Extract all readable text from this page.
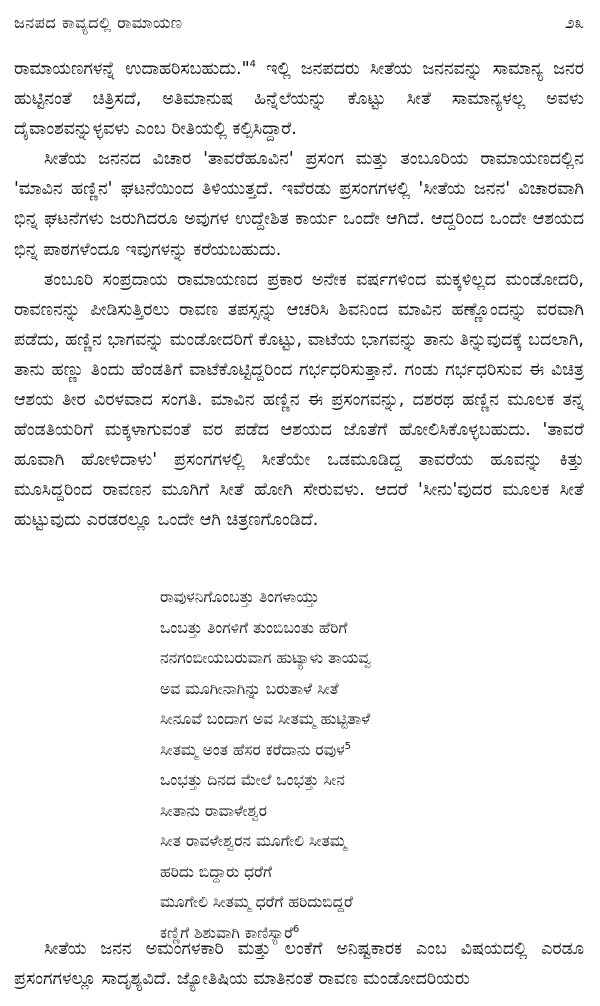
ಜನಪದ ಕಾವ್ಯದಲ್ಲಿ ರಾಮಾಯಣ	೨೩

ರಾಮಾಯಣಗಳನ್ನೆ ಉದಾಹರಿಸಬಹುದು."$^4$ ಇಲ್ಲಿ ಜನಪದರು ಸೀತೆಯ ಜನನವನ್ನು ಸಾಮಾನ್ಯ ಜನರ ಹುಟ್ಟಿನಂತೆ ಚಿತ್ರಿಸದೆ, ಅತಿಮಾನುಷ ಹಿನ್ನೆಲೆಯನ್ನು ಕೊಟ್ಟು ಸೀತೆ ಸಾಮಾನ್ಯಳಲ್ಲ ಅವಳು ದೈವಾಂಶವನ್ನುಳ್ಳವಳು ಎಂಬ ರೀತಿಯಲ್ಲಿ ಕಲ್ಪಿಸಿದ್ದಾರೆ.

ಸೀತೆಯ ಜನನದ ವಿಚಾರ 'ತಾವರೆಹೂವಿನ' ಪ್ರಸಂಗ ಮತ್ತು ತಂಬೂರಿಯ ರಾಮಾಯಣದಲ್ಲಿನ 'ಮಾವಿನ ಹಣ್ಣಿನ' ಘಟನೆಯಿಂದ ತಿಳಿಯುತ್ತದೆ. ಇವೆರಡು ಪ್ರಸಂಗಗಳಲ್ಲಿ 'ಸೀತೆಯ ಜನನ' ವಿಚಾರವಾಗಿ ಭಿನ್ನ ಘಟನೆಗಳು ಜರುಗಿದರೂ ಅವುಗಳ ಉದ್ದೇಶಿತ ಕಾರ್ಯ ಒಂದೇ ಆಗಿದೆ. ಆದ್ದರಿಂದ ಒಂದೇ ಆಶಯದ ಭಿನ್ನ ಪಾಠಗಳೆಂದೂ ಇವುಗಳನ್ನು ಕರೆಯಬಹುದು.

ತಂಬೂರಿ ಸಂಪ್ರದಾಯ ರಾಮಾಯಣದ ಪ್ರಕಾರ ಅನೇಕ ವರ್ಷಗಳಿಂದ ಮಕ್ಕಳಿಲ್ಲದ ಮಂಡೋದರಿ, ರಾವಣನನ್ನು ಪೀಡಿಸುತ್ತಿರಲು ರಾವಣ ತಪಸ್ಸನ್ನು ಆಚರಿಸಿ ಶಿವನಿಂದ ಮಾವಿನ ಹಣ್ಣೊಂದನ್ನು ವರವಾಗಿ ಪಡೆದು, ಹಣ್ಣಿನ ಭಾಗವನ್ನು ಮಂಡೋದರಿಗೆ ಕೊಟ್ಟು, ವಾಟೆಯ ಭಾಗವನ್ನು ತಾನು ತಿನ್ನುವುದಕ್ಕೆ ಬದಲಾಗಿ, ತಾನು ಹಣ್ಣು ತಿಂದು ಹೆಂಡತಿಗೆ ವಾಟೆಕೊಟ್ಟಿದ್ದರಿಂದ ಗರ್ಭಧರಿಸುತ್ತಾನೆ. ಗಂಡು ಗರ್ಭಧರಿಸುವ ಈ ವಿಚಿತ್ರ ಆಶಯ ತೀರ ವಿರಳವಾದ ಸಂಗತಿ. ಮಾವಿನ ಹಣ್ಣಿನ ಈ ಪ್ರಸಂಗವನ್ನು, ದಶರಥ ಹಣ್ಣಿನ ಮೂಲಕ ತನ್ನ ಹೆಂಡತಿಯರಿಗೆ ಮಕ್ಕಳಾಗುವಂತೆ ವರ ಪಡೆದ ಆಶಯದ ಜೊತೆಗೆ ಹೋಲಿಸಿಕೊಳ್ಳಬಹುದು. 'ತಾವರೆ ಹೂವಾಗಿ ಹೋಳಿದಾಳು' ಪ್ರಸಂಗಗಳಲ್ಲಿ ಸೀತೆಯೇ ಒಡಮೂಡಿದ್ದ ತಾವರೆಯ ಹೂವನ್ನು ಕಿತ್ತು ಮೂಸಿದ್ದರಿಂದ ರಾವಣನ ಮೂಗಿಗೆ ಸೀತೆ ಹೋಗಿ ಸೇರುವಳು. ಆದರೆ 'ಸೀನು'ವುದರ ಮೂಲಕ ಸೀತೆ ಹುಟ್ಟುವುದು ಎರಡರಲ್ಲೂ ಒಂದೇ ಆಗಿ ಚಿತ್ರಣಗೊಂಡಿದೆ.

ರಾವುಳನಿಗೊಂಬತ್ತು ತಿಂಗಳಾಯ್ತು
ಒಂಬತ್ತು ತಿಂಗಳಿಗೆ ತುಂಬಿಬಂತು ಹೆರಿಗೆ
ನನಗಂಬೀಯಬರುವಾಗ ಹುಟ್ಯಾಳು ತಾಯವ್ವ
ಅವ ಮೂಗೀನಾಗಿನ್ನು ಬರುತಾಳೆ ಸೀತೆ
ಸೀನೂವೆ ಬಂದಾಗ ಅವ ಸೀತಮ್ಮ ಹುಟ್ಟಿತಾಳೆ
ಸೀತಮ್ಮ ಅಂತ ಹೆಸರ ಕರೆದಾನು ರವುಳ$^5$
ಒಂಭತ್ತು ದಿನದ ಮೇಲೆ ಒಂಭತ್ತು ಸೀನ
ಸೀತಾನು ರಾವಾಳೇಶ್ವರ
ಸೀತ ರಾವಳೇಶ್ವರನ ಮೂಗೇಲಿ ಸೀತಮ್ಮ
ಹರಿದು ಬಿದ್ದಾರು ಧರೆಗೆ
ಮೂಗೇಲಿ ಸೀತಮ್ಮ ಧರೆಗೆ ಹರಿದುಬಿದ್ದರೆ
ಕಣ್ಣಿಗೆ ಶಿಶುವಾಗಿ ಕಾಣಿಸ್ಯಾರೆ$^6$

ಸೀತೆಯ ಜನನ ಅಮಂಗಳಕಾರಿ ಮತ್ತು ಲಂಕೆಗೆ ಅನಿಷ್ಟಕಾರಕ ಎಂಬ ವಿಷಯದಲ್ಲಿ ಎರಡೂ ಪ್ರಸಂಗಗಳಲ್ಲೂ ಸಾದೃಶ್ಯವಿದೆ. ಜ್ಯೋತಿಷಿಯ ಮಾತಿನಂತೆ ರಾವಣ ಮಂಡೋದರಿಯರು
